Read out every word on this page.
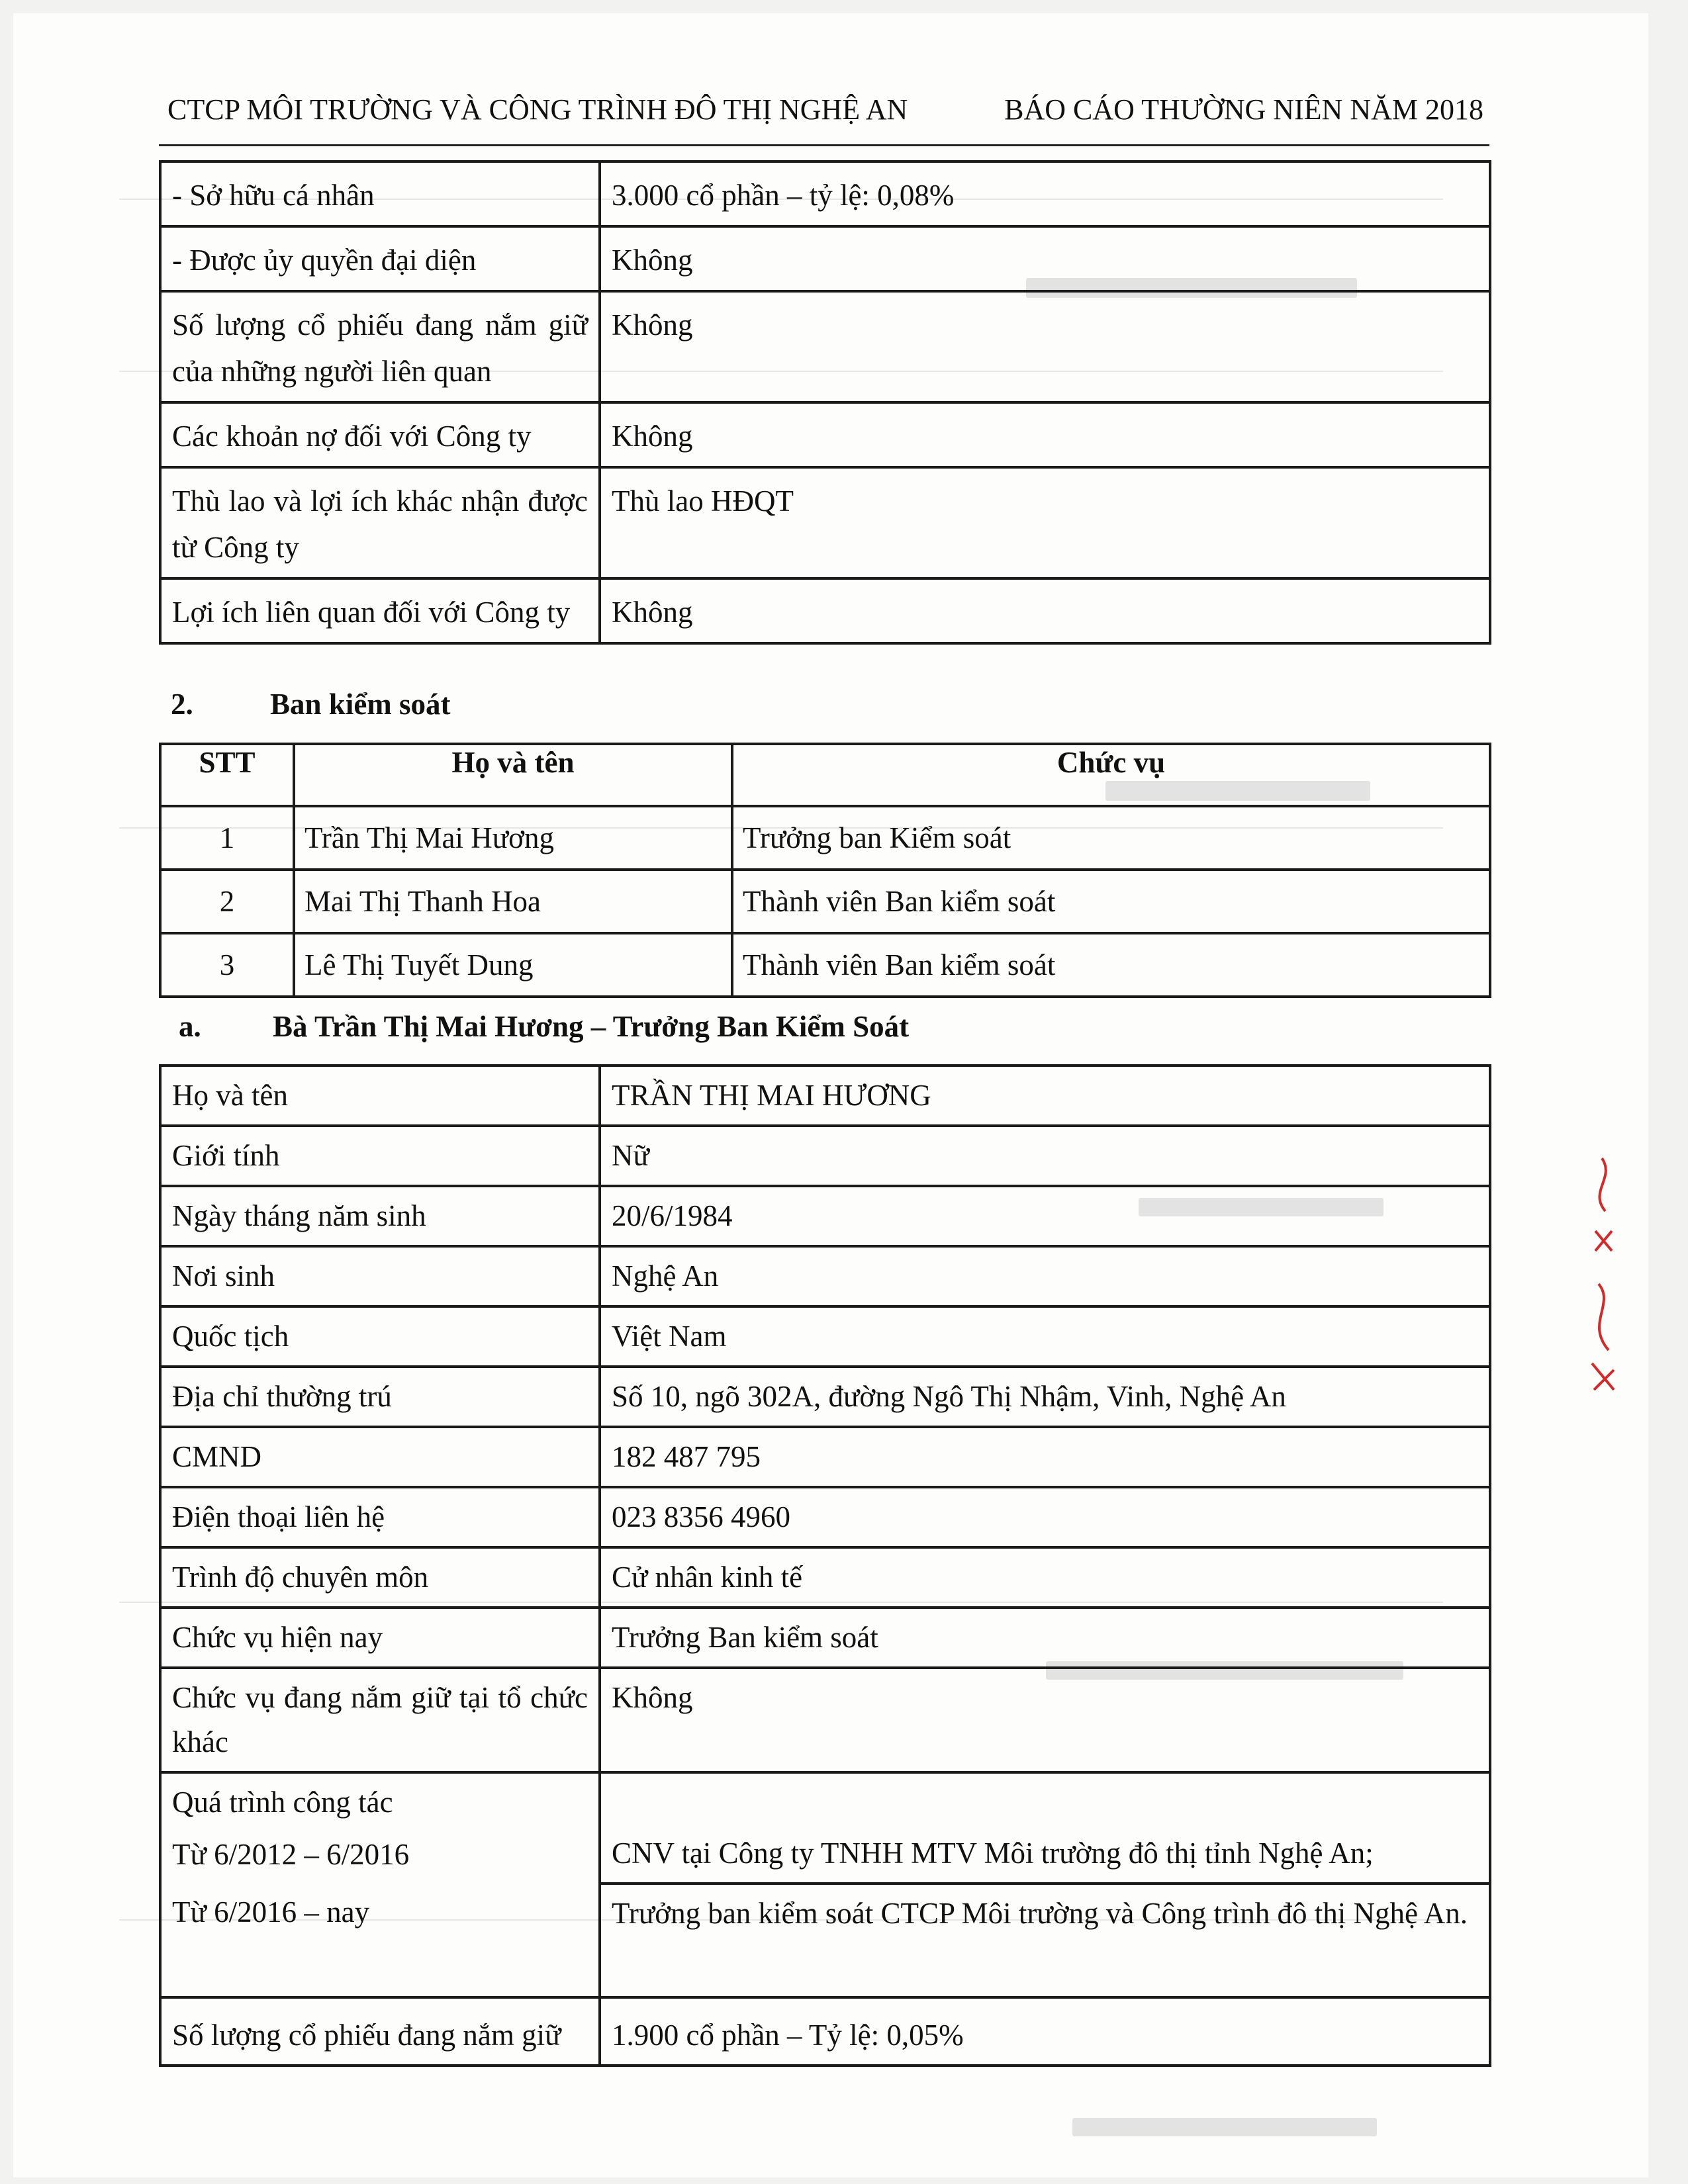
CTCP MÔI TRƯỜNG VÀ CÔNG TRÌNH ĐÔ THỊ NGHỆ AN	BÁO CÁO THƯỜNG NIÊN NĂM 2018
- Sở hữu cá nhân	3.000 cổ phần – tỷ lệ: 0,08%
- Được ủy quyền đại diện	Không
Số lượng cổ phiếu đang nắm giữ của những người liên quan	Không
Các khoản nợ đối với Công ty	Không
Thù lao và lợi ích khác nhận được từ Công ty	Thù lao HĐQT
Lợi ích liên quan đối với Công ty	Không
2.	Ban kiểm soát
STT	Họ và tên	Chức vụ
1	Trần Thị Mai Hương	Trưởng ban Kiểm soát
2	Mai Thị Thanh Hoa	Thành viên Ban kiểm soát
3	Lê Thị Tuyết Dung	Thành viên Ban kiểm soát
a. Bà Trần Thị Mai Hương – Trưởng Ban Kiểm Soát
Họ và tên	TRẦN THỊ MAI HƯƠNG
Giới tính	Nữ
Ngày tháng năm sinh	20/6/1984
Nơi sinh	Nghệ An
Quốc tịch	Việt Nam
Địa chỉ thường trú	Số 10, ngõ 302A, đường Ngô Thị Nhậm, Vinh, Nghệ An
CMND	182 487 795
Điện thoại liên hệ	023 8356 4960
Trình độ chuyên môn	Cử nhân kinh tế
Chức vụ hiện nay	Trưởng Ban kiểm soát
Chức vụ đang nắm giữ tại tổ chức khác	Không

Quá trình công tác
Từ 6/2012 – 6/2016	CNV tại Công ty TNHH MTV Môi trường đô thị tỉnh Nghệ An;
Từ 6/2016 – nay	Trưởng ban kiểm soát CTCP Môi trường và Công trình đô thị Nghệ An.
Số lượng cổ phiếu đang nắm giữ	1.900 cổ phần – Tỷ lệ: 0,05%
